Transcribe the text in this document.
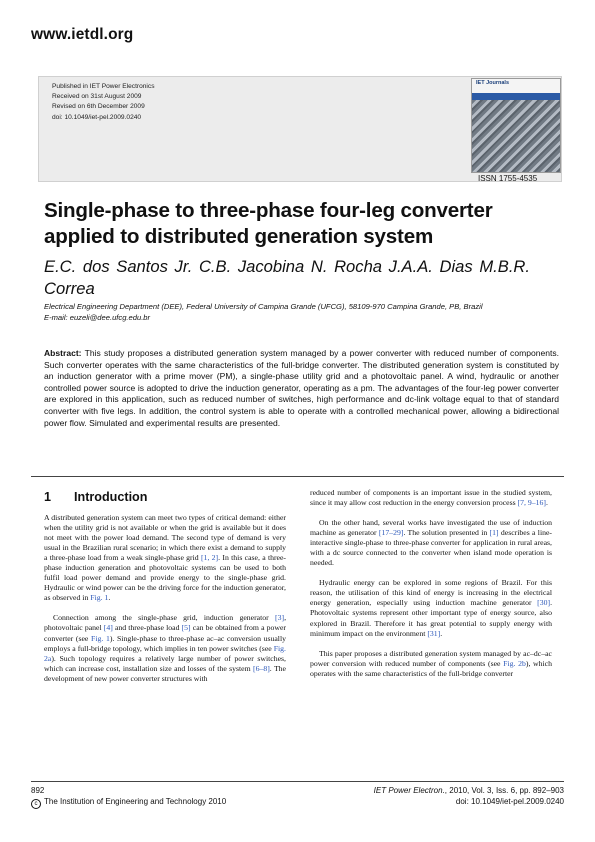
www.ietdl.org
Published in IET Power Electronics
Received on 31st August 2009
Revised on 6th December 2009
doi: 10.1049/iet-pel.2009.0240
IET Journals
ISSN 1755-4535
Single-phase to three-phase four-leg converter applied to distributed generation system
E.C. dos Santos Jr. C.B. Jacobina N. Rocha J.A.A. Dias M.B.R. Correa
Electrical Engineering Department (DEE), Federal University of Campina Grande (UFCG), 58109-970 Campina Grande, PB, Brazil
E-mail: euzeli@dee.ufcg.edu.br
Abstract: This study proposes a distributed generation system managed by a power converter with reduced number of components. Such converter operates with the same characteristics of the full-bridge converter. The distributed generation system is constituted by an induction generator with a prime mover (PM), a single-phase utility grid and a photovoltaic panel. A wind, hydraulic or another controlled power source is adopted to drive the induction generator, operating as a pm. The advantages of the four-leg power converter are explored in this application, such as reduced number of switches, high performance and dc-link voltage equal to that of standard converter with five legs. In addition, the control system is able to operate with a controlled mechanical power, allowing a bidirectional power flow. Simulated and experimental results are presented.
1 Introduction

A distributed generation system can meet two types of critical demand: either when the utility grid is not available or when the grid is available but it does not meet with the power load demand. The second type of demand is very usual in the Brazilian rural scenario; in which there exist a demand to supply a three-phase load from a weak single-phase grid [1, 2]. In this case, a three-phase induction generation and photovoltaic systems can be used to both fulfil load power demand and provide energy to the single-phase grid. Hydraulic or wind power can be the driving force for the induction generator, as observed in Fig. 1.

Connection among the single-phase grid, induction generator [3], photovoltaic panel [4] and three-phase load [5] can be obtained from a power converter (see Fig. 1). Single-phase to three-phase ac–ac conversion usually employs a full-bridge topology, which implies in ten power switches (see Fig. 2a). Such topology requires a relatively large number of power switches, which can increase cost, installation size and losses of the system [6–8]. The development of new power converter structures with

reduced number of components is an important issue in the studied system, since it may allow cost reduction in the energy conversion process [7, 9–16].

On the other hand, several works have investigated the use of induction machine as generator [17–29]. The solution presented in [1] describes a line-interactive single-phase to three-phase converter for application in rural areas, with a dc source connected to the converter when island mode operation is needed.

Hydraulic energy can be explored in some regions of Brazil. For this reason, the utilisation of this kind of energy is increasing in the electrical energy generation, especially using induction machine generator [30]. Photovoltaic systems represent other important type of energy source, also explored in Brazil. Therefore it has great potential to supply energy with minimum impact on the environment [31].

This paper proposes a distributed generation system managed by ac–dc–ac power conversion with reduced number of components (see Fig. 2b), which operates with the same characteristics of the full-bridge converter

892
c The Institution of Engineering and Technology 2010
IET Power Electron., 2010, Vol. 3, Iss. 6, pp. 892–903
doi: 10.1049/iet-pel.2009.0240
